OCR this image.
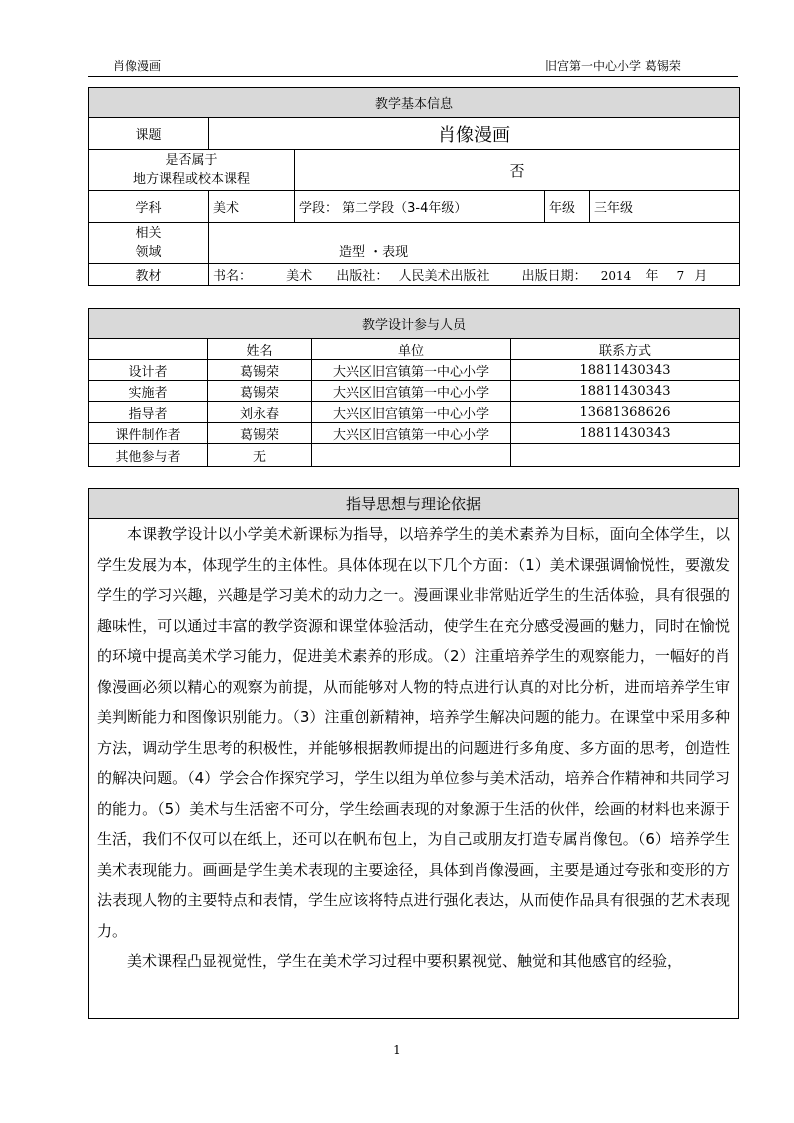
肖像漫画	旧宫第一中心小学 葛锡荣
教学基本信息				
课题	肖像漫画			

是否属于
地方课程或校本课程		否		
学科	美术	学段： 第二学段（3-4年级）	年级	三年级

相关
领域	造型 ・表现			
教材	书名： 美术 出版社： 人民美术出版社 出版日期： 2014 年 7 月			
教学设计参与人员			
	姓名	单位	联系方式
设计者	葛锡荣	大兴区旧宫镇第一中心小学	18811430343
实施者	葛锡荣	大兴区旧宫镇第一中心小学	18811430343
指导者	刘永春	大兴区旧宫镇第一中心小学	13681368626
课件制作者	葛锡荣	大兴区旧宫镇第一中心小学	18811430343
其他参与者	无		
指导思想与理论依据

本课教学设计以小学美术新课标为指导，以培养学生的美术素养为目标，面向全体学生，以学生发展为本，体现学生的主体性。具体体现在以下几个方面：（1）美术课强调愉悦性，要激发学生的学习兴趣，兴趣是学习美术的动力之一。漫画课业非常贴近学生的生活体验，具有很强的趣味性，可以通过丰富的教学资源和课堂体验活动，使学生在充分感受漫画的魅力，同时在愉悦的环境中提高美术学习能力，促进美术素养的形成。（2）注重培养学生的观察能力，一幅好的肖像漫画必须以精心的观察为前提，从而能够对人物的特点进行认真的对比分析，进而培养学生审美判断能力和图像识别能力。（3）注重创新精神，培养学生解决问题的能力。在课堂中采用多种方法，调动学生思考的积极性，并能够根据教师提出的问题进行多角度、多方面的思考，创造性的解决问题。（4）学会合作探究学习，学生以组为单位参与美术活动，培养合作精神和共同学习的能力。（5）美术与生活密不可分，学生绘画表现的对象源于生活的伙伴，绘画的材料也来源于生活，我们不仅可以在纸上，还可以在帆布包上，为自己或朋友打造专属肖像包。（6）培养学生美术表现能力。画画是学生美术表现的主要途径，具体到肖像漫画，主要是通过夸张和变形的方法表现人物的主要特点和表情，学生应该将特点进行强化表达，从而使作品具有很强的艺术表现力。

美术课程凸显视觉性，学生在美术学习过程中要积累视觉、触觉和其他感官的经验，

1
